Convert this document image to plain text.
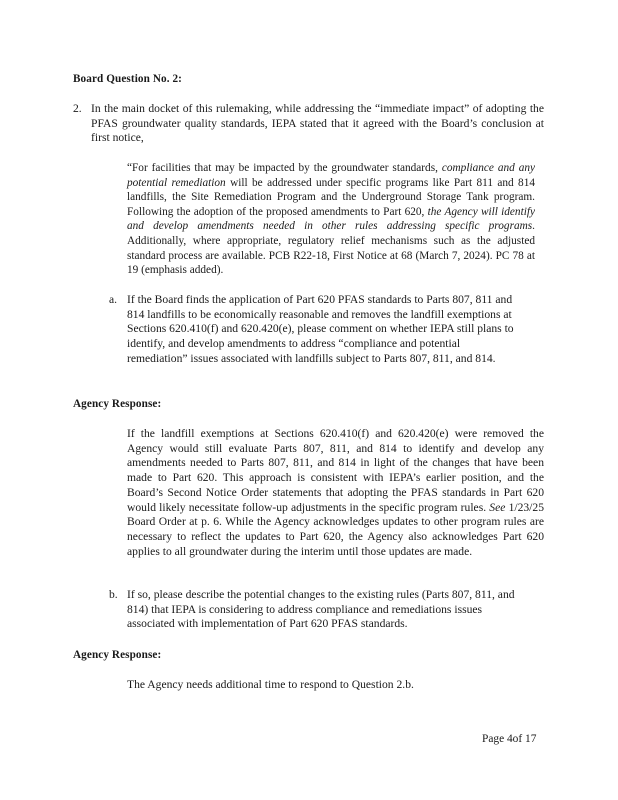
Board Question No. 2:
2. In the main docket of this rulemaking, while addressing the “immediate impact” of adopting the PFAS groundwater quality standards, IEPA stated that it agreed with the Board’s conclusion at first notice,

“For facilities that may be impacted by the groundwater standards, compliance and any potential remediation will be addressed under specific programs like Part 811 and 814 landfills, the Site Remediation Program and the Underground Storage Tank program. Following the adoption of the proposed amendments to Part 620, the Agency will identify and develop amendments needed in other rules addressing specific programs. Additionally, where appropriate, regulatory relief mechanisms such as the adjusted standard process are available. PCB R22-18, First Notice at 68 (March 7, 2024). PC 78 at 19 (emphasis added).

a. If the Board finds the application of Part 620 PFAS standards to Parts 807, 811 and 814 landfills to be economically reasonable and removes the landfill exemptions at Sections 620.410(f) and 620.420(e), please comment on whether IEPA still plans to identify, and develop amendments to address “compliance and potential remediation” issues associated with landfills subject to Parts 807, 811, and 814.

Agency Response:

If the landfill exemptions at Sections 620.410(f) and 620.420(e) were removed the Agency would still evaluate Parts 807, 811, and 814 to identify and develop any amendments needed to Parts 807, 811, and 814 in light of the changes that have been made to Part 620. This approach is consistent with IEPA’s earlier position, and the Board’s Second Notice Order statements that adopting the PFAS standards in Part 620 would likely necessitate follow-up adjustments in the specific program rules. See 1/23/25 Board Order at p. 6. While the Agency acknowledges updates to other program rules are necessary to reflect the updates to Part 620, the Agency also acknowledges Part 620 applies to all groundwater during the interim until those updates are made.

b. If so, please describe the potential changes to the existing rules (Parts 807, 811, and 814) that IEPA is considering to address compliance and remediations issues associated with implementation of Part 620 PFAS standards.

Agency Response:

The Agency needs additional time to respond to Question 2.b.

Page 4of 17
